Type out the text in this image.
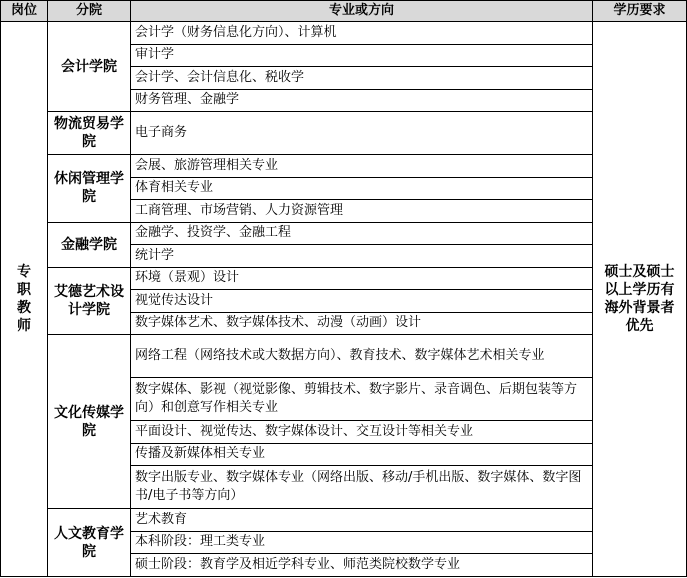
岗位	分院	专业或方向	学历要求
专职教师	会计学院	会计学（财务信息化方向）、计算机	硕士及硕士以上学历有海外背景者优先
		审计学	
		会计学、会计信息化、税收学	
		财务管理、金融学	
	物流贸易学院	电子商务	
	休闲管理学院	会展、旅游管理相关专业	
		体育相关专业	
		工商管理、市场营销、人力资源管理	
	金融学院	金融学、投资学、金融工程	
		统计学	
	艾德艺术设计学院	环境（景观）设计	
		视觉传达设计	
		数字媒体艺术、数字媒体技术、动漫（动画）设计	
	文化传媒学院	网络工程（网络技术或大数据方向）、教育技术、数字媒体艺术相关专业	
		数字媒体、影视（视觉影像、剪辑技术、数字影片、录音调色、后期包装等方向）和创意写作相关专业	
		平面设计、视觉传达、数字媒体设计、交互设计等相关专业	
		传播及新媒体相关专业	
		数字出版专业、数字媒体专业（网络出版、移动/手机出版、数字媒体、数字图书/电子书等方向）	
	人文教育学院	艺术教育	
		本科阶段：理工类专业	
		硕士阶段：教育学及相近学科专业、师范类院校数学专业	
